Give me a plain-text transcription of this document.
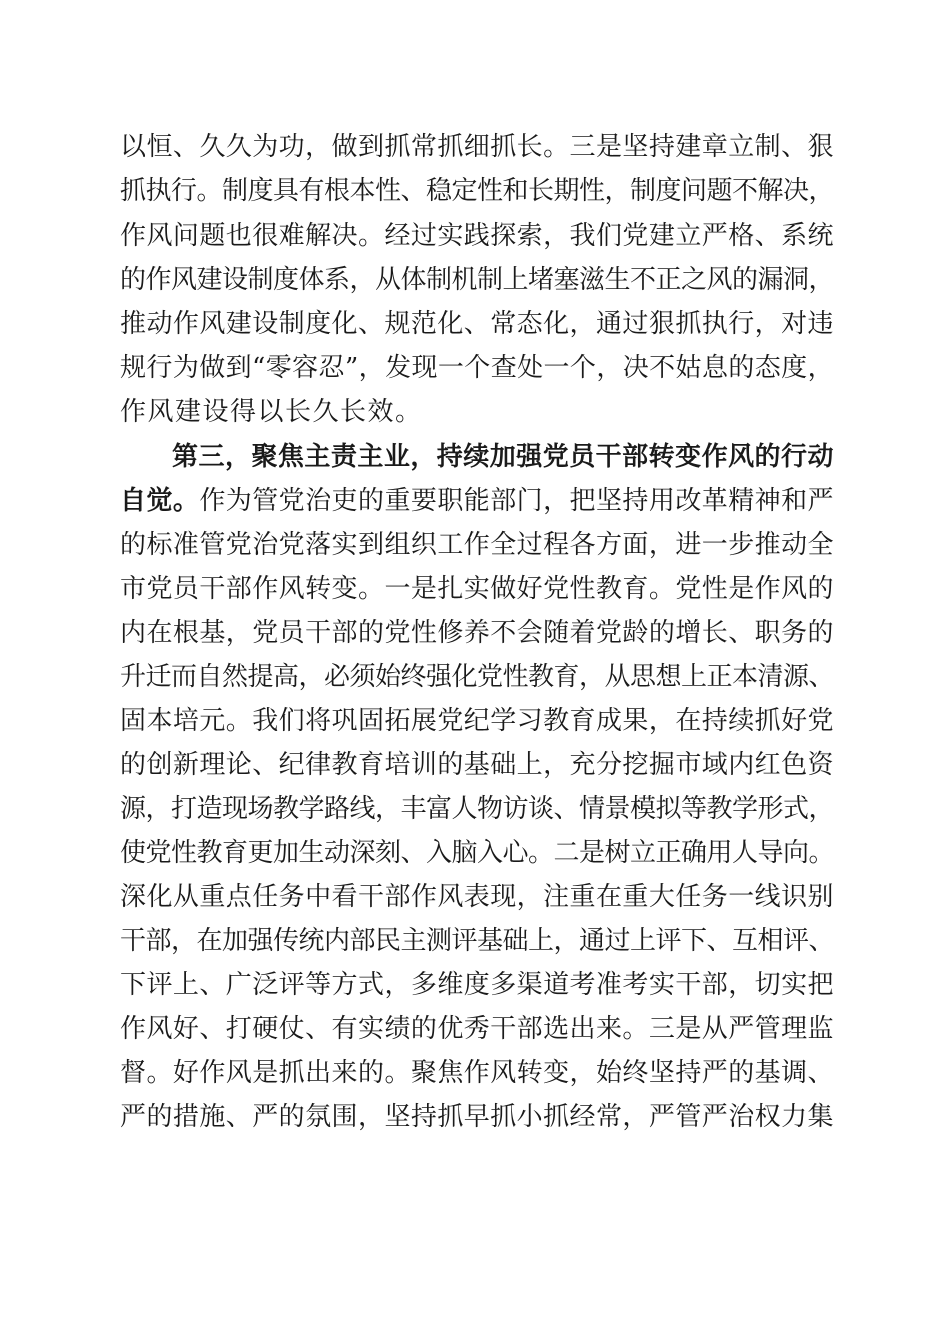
以恒、久久为功，做到抓常抓细抓长。三是坚持建章立制、狠
抓执行。制度具有根本性、稳定性和长期性，制度问题不解决，
作风问题也很难解决。经过实践探索，我们党建立严格、系统
的作风建设制度体系，从体制机制上堵塞滋生不正之风的漏洞，
推动作风建设制度化、规范化、常态化，通过狠抓执行，对违
规行为做到“零容忍”，发现一个查处一个，决不姑息的态度，
作风建设得以长久长效。
第三，聚焦主责主业，持续加强党员干部转变作风的行动
自觉。作为管党治吏的重要职能部门，把坚持用改革精神和严
的标准管党治党落实到组织工作全过程各方面，进一步推动全
市党员干部作风转变。一是扎实做好党性教育。党性是作风的
内在根基，党员干部的党性修养不会随着党龄的增长、职务的
升迁而自然提高，必须始终强化党性教育，从思想上正本清源、
固本培元。我们将巩固拓展党纪学习教育成果，在持续抓好党
的创新理论、纪律教育培训的基础上，充分挖掘市域内红色资
源，打造现场教学路线，丰富人物访谈、情景模拟等教学形式，
使党性教育更加生动深刻、入脑入心。二是树立正确用人导向。
深化从重点任务中看干部作风表现，注重在重大任务一线识别
干部，在加强传统内部民主测评基础上，通过上评下、互相评、
下评上、广泛评等方式，多维度多渠道考准考实干部，切实把
作风好、打硬仗、有实绩的优秀干部选出来。三是从严管理监
督。好作风是抓出来的。聚焦作风转变，始终坚持严的基调、
严的措施、严的氛围，坚持抓早抓小抓经常，严管严治权力集
